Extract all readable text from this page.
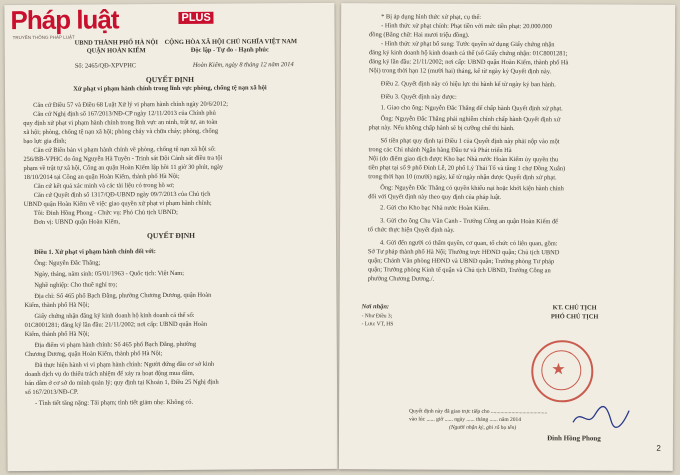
Pháp luật	PLUS
TRUYỀN THÔNG PHÁP LUẬT
UBND THÀNH PHỐ HÀ NỘI
QUẬN HOÀN KIẾM
CỘNG HÒA XÃ HỘI CHỦ NGHĨA VIỆT NAM
Độc lập - Tự do - Hạnh phúc
Số: 2465/QĐ-XPVPHC	Hoàn Kiếm, ngày 8 tháng 12 năm 2014
QUYẾT ĐỊNH
Xử phạt vi phạm hành chính trong lĩnh vực phòng, chống tệ nạn xã hội
Căn cứ Điều 57 và Điều 68 Luật Xử lý vi phạm hành chính ngày 20/6/2012;
Căn cứ Nghị định số 167/2013/NĐ-CP ngày 12/11/2013 của Chính phủ
quy định xử phạt vi phạm hành chính trong lĩnh vực an ninh, trật tự, an toàn
xã hội; phòng, chống tệ nạn xã hội; phòng cháy và chữa cháy; phòng, chống
bạo lực gia đình;
Căn cứ Biên bản vi phạm hành chính về phòng, chống tệ nạn xã hội số:
256/BB-VPHC do ông Nguyễn Hà Tuyên - Trinh sát Đội Cảnh sát điều tra tội
phạm về trật tự xã hội, Công an quận Hoàn Kiếm lập hồi 11 giờ 30 phút, ngày
18/10/2014 tại Công an quận Hoàn Kiếm, thành phố Hà Nội;
Căn cứ kết quả xác minh và các tài liệu có trong hồ sơ;
Căn cứ Quyết định số 1317/QĐ-UBND ngày 09/7/2013 của Chủ tịch
UBND quận Hoàn Kiếm về việc giao quyền xử phạt vi phạm hành chính;
Tôi: Đinh Hồng Phong - Chức vụ: Phó Chủ tịch UBND;
Đơn vị: UBND quận Hoàn Kiếm,
QUYẾT ĐỊNH
Điều 1. Xử phạt vi phạm hành chính đối với:
Ông: Nguyễn Đắc Thắng;
Ngày, tháng, năm sinh: 05/01/1963 - Quốc tịch: Việt Nam;
Nghề nghiệp: Cho thuê nghỉ trọ;
Địa chỉ: Số 465 phố Bạch Đằng, phường Chương Dương, quận Hoàn
Kiếm, thành phố Hà Nội;
Giấy chứng nhận đăng ký kinh doanh hộ kinh doanh cá thể số:
01C8001281; đăng ký lần đầu: 21/11/2002; nơi cấp: UBND quận Hoàn
Kiếm, thành phố Hà Nội;
Địa điểm vi phạm hành chính: Số 465 phố Bạch Đằng, phường
Chương Dương, quận Hoàn Kiếm, thành phố Hà Nội;
Đã thực hiện hành vi vi phạm hành chính: Người đứng đầu cơ sở kinh
doanh dịch vụ do thiếu trách nhiệm để xảy ra hoạt động mua dâm,
bán dâm ở cơ sở do mình quản lý; quy định tại Khoản 1, Điều 25 Nghị định
số 167/2013/NĐ-CP.
- Tình tiết tăng nặng: Tái phạm; tình tiết giảm nhẹ: Không có.
* Bị áp dụng hình thức xử phạt, cụ thể:
- Hình thức xử phạt chính: Phạt tiền với mức tiền phạt: 20.000.000
đồng (Bằng chữ: Hai mươi triệu đồng).
- Hình thức xử phạt bổ sung: Tước quyền sử dụng Giấy chứng nhận
đăng ký kinh doanh hộ kinh doanh cá thể (số Giấy chứng nhận: 01C8001281;
đăng ký lần đầu: 21/11/2002; nơi cấp: UBND quận Hoàn Kiếm, thành phố Hà
Nội) trong thời hạn 12 (mười hai) tháng, kể từ ngày ký Quyết định này.
Điều 2. Quyết định này có hiệu lực thi hành kể từ ngày ký ban hành.
Điều 3. Quyết định này được:
1. Giao cho ông: Nguyễn Đắc Thắng để chấp hành Quyết định xử phạt.
Ông: Nguyễn Đắc Thắng phải nghiêm chỉnh chấp hành Quyết định xử
phạt này. Nếu không chấp hành sẽ bị cưỡng chế thi hành.
Số tiền phạt quy định tại Điều 1 của Quyết định này phải nộp vào một
trong các Chi nhánh Ngân hàng Đầu tư và Phát triển Hà
Nội (do điểm giao dịch được Kho bạc Nhà nước Hoàn Kiếm ủy quyền thu
tiền phạt tại số 9 phố Đinh Lễ, 20 phố Lý Thái Tổ và tầng 1 chợ Đồng Xuân)
trong thời hạn 10 (mười) ngày, kể từ ngày nhận được Quyết định xử phạt.
Ông: Nguyễn Đắc Thắng có quyền khiếu nại hoặc khởi kiện hành chính
đối với Quyết định này theo quy định của pháp luật.
2. Gửi cho Kho bạc Nhà nước Hoàn Kiếm.
3. Gửi cho ông Chu Văn Canh - Trưởng Công an quận Hoàn Kiếm để
tổ chức thực hiện Quyết định này.
4. Gửi đến người có thẩm quyền, cơ quan, tổ chức có liên quan, gồm:
Sở Tư pháp thành phố Hà Nội; Thường trực HĐND quận; Chủ tịch UBND
quận; Chánh Văn phòng HĐND và UBND quận; Trưởng phòng Tư pháp
quận; Trưởng phòng Kinh tế quận và Chủ tịch UBND, Trưởng Công an
phường Chương Dương./.
Nơi nhận:
- Như Điều 3;
- Lưu: VT, HS
KT. CHỦ TỊCH
PHÓ CHỦ TỊCH
★
Đinh Hồng Phong
Quyết định này đã giao trực tiếp cho .........................................
vào lúc ...... giờ ...... ngày ...... tháng ...... năm 2014
(Người nhận ký, ghi rõ họ tên)
2
